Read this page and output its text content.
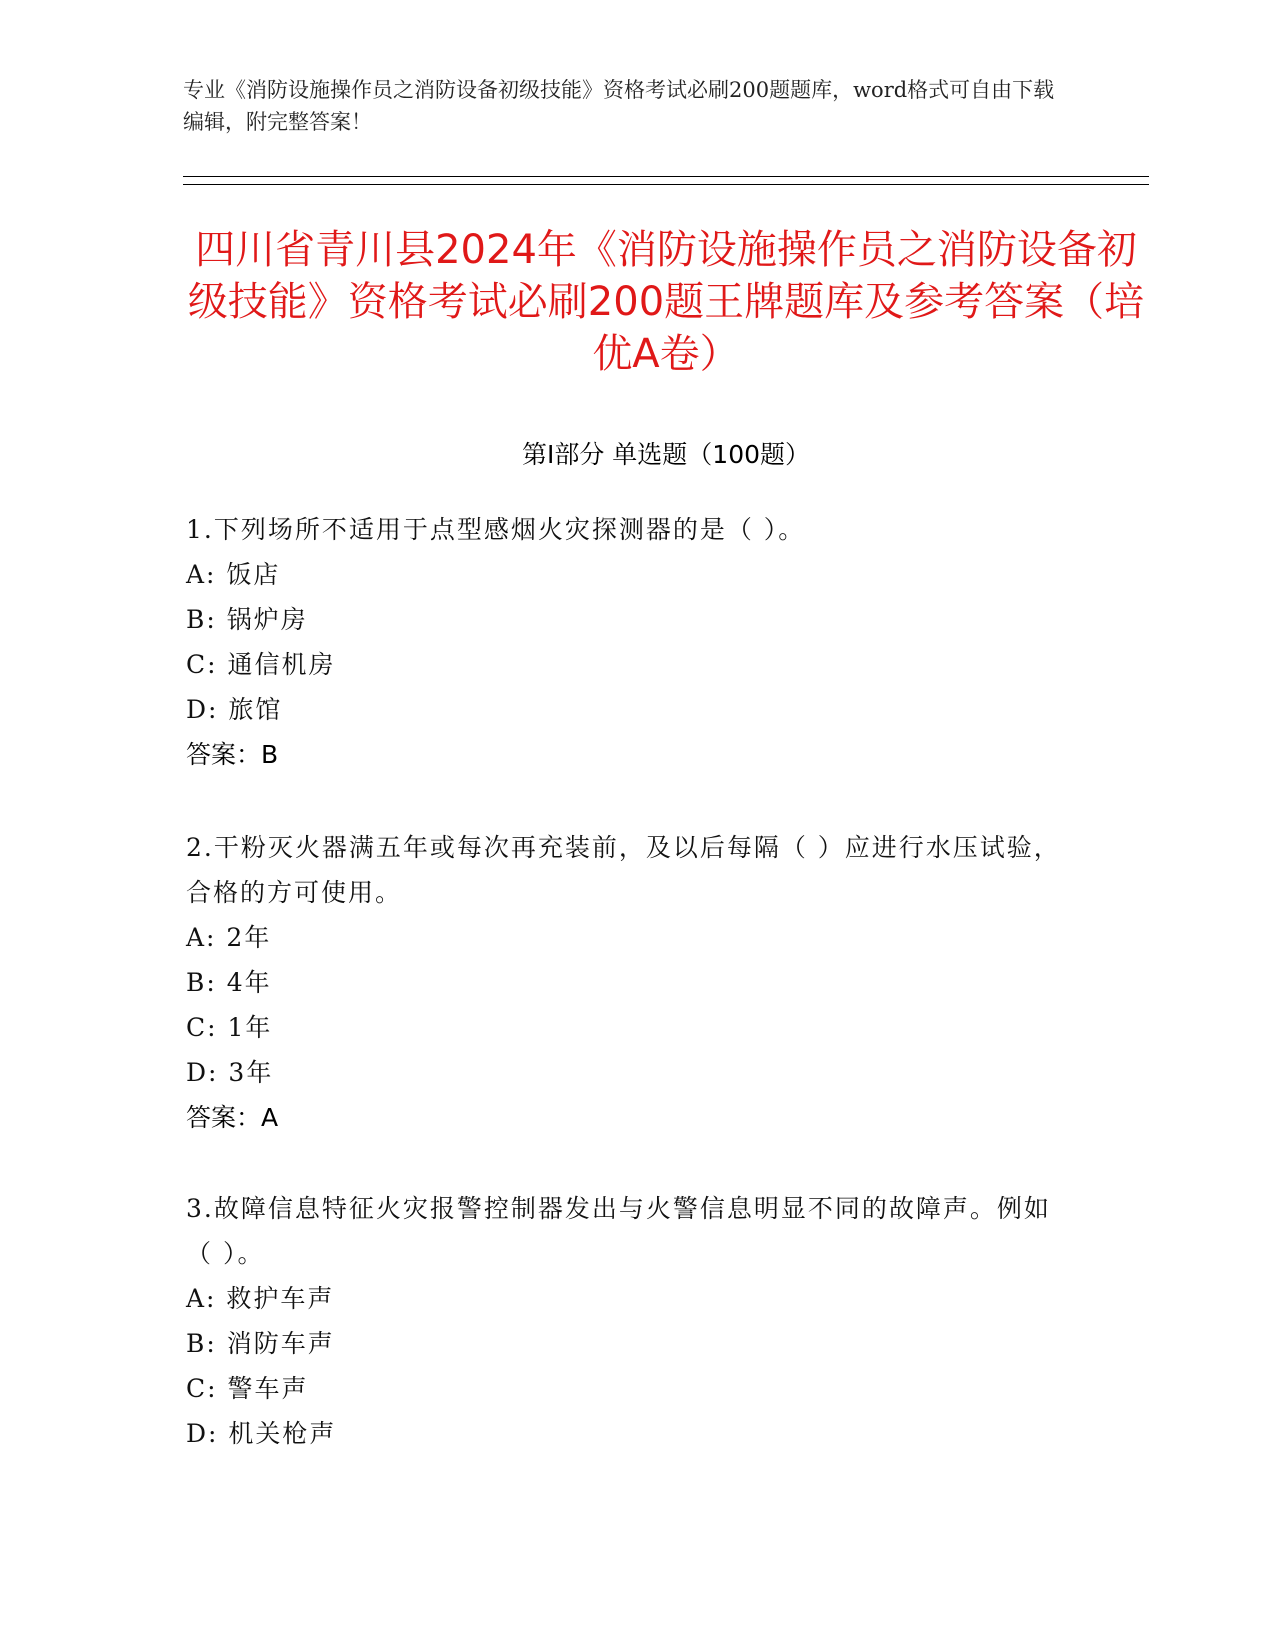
专业《消防设施操作员之消防设备初级技能》资格考试必刷200题题库，word格式可自由下载编辑，附完整答案！
四川省青川县2024年《消防设施操作员之消防设备初级技能》资格考试必刷200题王牌题库及参考答案（培优A卷）
第Ⅰ部分 单选题（100题）

1.下列场所不适用于点型感烟火灾探测器的是（ ）。

A: 饭店
B: 锅炉房
C: 通信机房
D: 旅馆
答案：B

2.干粉灭火器满五年或每次再充装前，及以后每隔（ ）应进行水压试验，合格的方可使用。

A: 2年
B: 4年
C: 1年
D: 3年
答案：A

3.故障信息特征火灾报警控制器发出与火警信息明显不同的故障声。例如（ ）。

A: 救护车声
B: 消防车声
C: 警车声
D: 机关枪声
